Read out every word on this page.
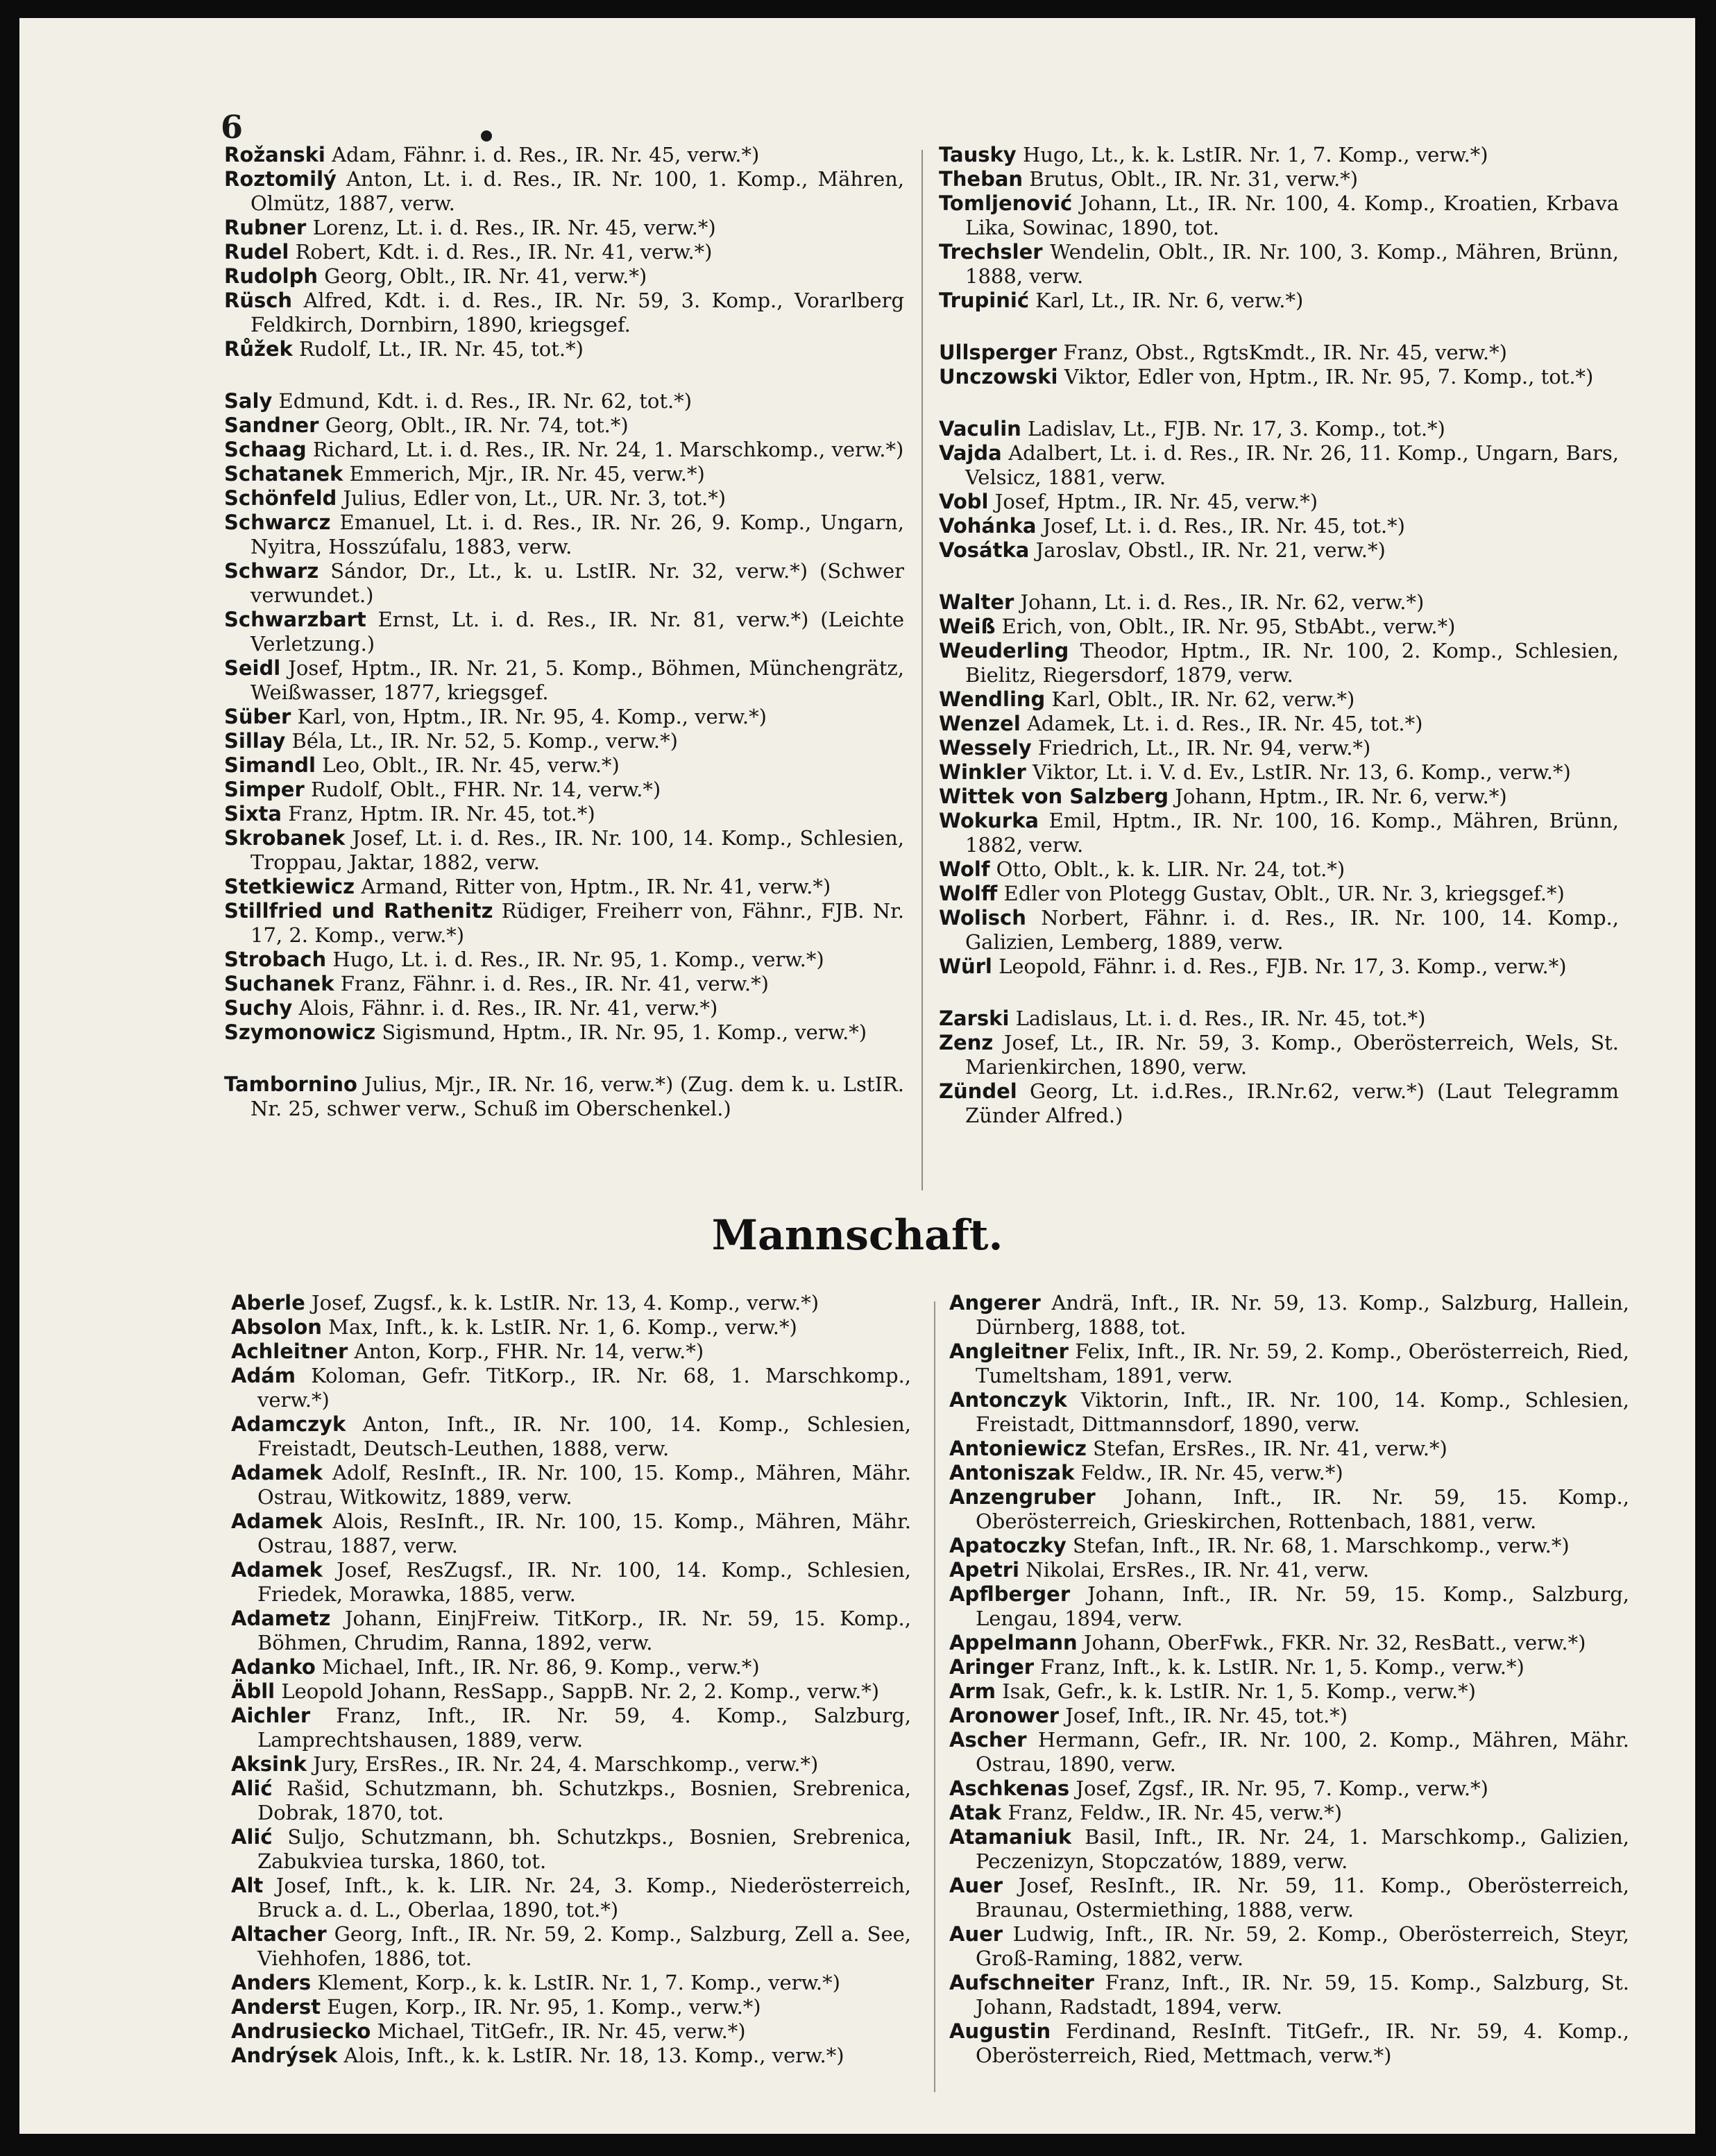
6
Rožanski Adam, Fähnr. i. d. Res., IR. Nr. 45, verw.*)
Roztomilý Anton, Lt. i. d. Res., IR. Nr. 100, 1. Komp., Mähren, Olmütz, 1887, verw.
Rubner Lorenz, Lt. i. d. Res., IR. Nr. 45, verw.*)
Rudel Robert, Kdt. i. d. Res., IR. Nr. 41, verw.*)
Rudolph Georg, Oblt., IR. Nr. 41, verw.*)
Rüsch Alfred, Kdt. i. d. Res., IR. Nr. 59, 3. Komp., Vorarlberg Feldkirch, Dornbirn, 1890, kriegsgef.
Růžek Rudolf, Lt., IR. Nr. 45, tot.*)
Saly Edmund, Kdt. i. d. Res., IR. Nr. 62, tot.*)
Sandner Georg, Oblt., IR. Nr. 74, tot.*)
Schaag Richard, Lt. i. d. Res., IR. Nr. 24, 1. Marschkomp., verw.*)
Schatanek Emmerich, Mjr., IR. Nr. 45, verw.*)
Schönfeld Julius, Edler von, Lt., UR. Nr. 3, tot.*)
Schwarcz Emanuel, Lt. i. d. Res., IR. Nr. 26, 9. Komp., Ungarn, Nyitra, Hosszúfalu, 1883, verw.
Schwarz Sándor, Dr., Lt., k. u. LstIR. Nr. 32, verw.*) (Schwer verwundet.)
Schwarzbart Ernst, Lt. i. d. Res., IR. Nr. 81, verw.*) (Leichte Verletzung.)
Seidl Josef, Hptm., IR. Nr. 21, 5. Komp., Böhmen, Münchengrätz, Weißwasser, 1877, kriegsgef.
Süber Karl, von, Hptm., IR. Nr. 95, 4. Komp., verw.*)
Sillay Béla, Lt., IR. Nr. 52, 5. Komp., verw.*)
Simandl Leo, Oblt., IR. Nr. 45, verw.*)
Simper Rudolf, Oblt., FHR. Nr. 14, verw.*)
Sixta Franz, Hptm. IR. Nr. 45, tot.*)
Skrobanek Josef, Lt. i. d. Res., IR. Nr. 100, 14. Komp., Schlesien, Troppau, Jaktar, 1882, verw.
Stetkiewicz Armand, Ritter von, Hptm., IR. Nr. 41, verw.*)
Stillfried und Rathenitz Rüdiger, Freiherr von, Fähnr., FJB. Nr. 17, 2. Komp., verw.*)
Strobach Hugo, Lt. i. d. Res., IR. Nr. 95, 1. Komp., verw.*)
Suchanek Franz, Fähnr. i. d. Res., IR. Nr. 41, verw.*)
Suchy Alois, Fähnr. i. d. Res., IR. Nr. 41, verw.*)
Szymonowicz Sigismund, Hptm., IR. Nr. 95, 1. Komp., verw.*)
Tambornino Julius, Mjr., IR. Nr. 16, verw.*) (Zug. dem k. u. LstIR. Nr. 25, schwer verw., Schuß im Oberschenkel.)
Tausky Hugo, Lt., k. k. LstIR. Nr. 1, 7. Komp., verw.*)
Theban Brutus, Oblt., IR. Nr. 31, verw.*)
Tomljenović Johann, Lt., IR. Nr. 100, 4. Komp., Kroatien, Krbava Lika, Sowinac, 1890, tot.
Trechsler Wendelin, Oblt., IR. Nr. 100, 3. Komp., Mähren, Brünn, 1888, verw.
Trupinić Karl, Lt., IR. Nr. 6, verw.*)
Ullsperger Franz, Obst., RgtsKmdt., IR. Nr. 45, verw.*)
Unczowski Viktor, Edler von, Hptm., IR. Nr. 95, 7. Komp., tot.*)
Vaculin Ladislav, Lt., FJB. Nr. 17, 3. Komp., tot.*)
Vajda Adalbert, Lt. i. d. Res., IR. Nr. 26, 11. Komp., Ungarn, Bars, Velsicz, 1881, verw.
Vobl Josef, Hptm., IR. Nr. 45, verw.*)
Vohánka Josef, Lt. i. d. Res., IR. Nr. 45, tot.*)
Vosátka Jaroslav, Obstl., IR. Nr. 21, verw.*)
Walter Johann, Lt. i. d. Res., IR. Nr. 62, verw.*)
Weiß Erich, von, Oblt., IR. Nr. 95, StbAbt., verw.*)
Weuderling Theodor, Hptm., IR. Nr. 100, 2. Komp., Schlesien, Bielitz, Riegersdorf, 1879, verw.
Wendling Karl, Oblt., IR. Nr. 62, verw.*)
Wenzel Adamek, Lt. i. d. Res., IR. Nr. 45, tot.*)
Wessely Friedrich, Lt., IR. Nr. 94, verw.*)
Winkler Viktor, Lt. i. V. d. Ev., LstIR. Nr. 13, 6. Komp., verw.*)
Wittek von Salzberg Johann, Hptm., IR. Nr. 6, verw.*)
Wokurka Emil, Hptm., IR. Nr. 100, 16. Komp., Mähren, Brünn, 1882, verw.
Wolf Otto, Oblt., k. k. LIR. Nr. 24, tot.*)
Wolff Edler von Plotegg Gustav, Oblt., UR. Nr. 3, kriegsgef.*)
Wolisch Norbert, Fähnr. i. d. Res., IR. Nr. 100, 14. Komp., Galizien, Lemberg, 1889, verw.
Würl Leopold, Fähnr. i. d. Res., FJB. Nr. 17, 3. Komp., verw.*)
Zarski Ladislaus, Lt. i. d. Res., IR. Nr. 45, tot.*)
Zenz Josef, Lt., IR. Nr. 59, 3. Komp., Oberösterreich, Wels, St. Marienkirchen, 1890, verw.
Zündel Georg, Lt. i.d.Res., IR.Nr.62, verw.*) (Laut Telegramm Zünder Alfred.)
Mannschaft.
Aberle Josef, Zugsf., k. k. LstIR. Nr. 13, 4. Komp., verw.*)
Absolon Max, Inft., k. k. LstIR. Nr. 1, 6. Komp., verw.*)
Achleitner Anton, Korp., FHR. Nr. 14, verw.*)
Adám Koloman, Gefr. TitKorp., IR. Nr. 68, 1. Marschkomp., verw.*)
Adamczyk Anton, Inft., IR. Nr. 100, 14. Komp., Schlesien, Freistadt, Deutsch-Leuthen, 1888, verw.
Adamek Adolf, ResInft., IR. Nr. 100, 15. Komp., Mähren, Mähr. Ostrau, Witkowitz, 1889, verw.
Adamek Alois, ResInft., IR. Nr. 100, 15. Komp., Mähren, Mähr. Ostrau, 1887, verw.
Adamek Josef, ResZugsf., IR. Nr. 100, 14. Komp., Schlesien, Friedek, Morawka, 1885, verw.
Adametz Johann, EinjFreiw. TitKorp., IR. Nr. 59, 15. Komp., Böhmen, Chrudim, Ranna, 1892, verw.
Adanko Michael, Inft., IR. Nr. 86, 9. Komp., verw.*)
Äbll Leopold Johann, ResSapp., SappB. Nr. 2, 2. Komp., verw.*)
Aichler Franz, Inft., IR. Nr. 59, 4. Komp., Salzburg, Lamprechtshausen, 1889, verw.
Aksink Jury, ErsRes., IR. Nr. 24, 4. Marschkomp., verw.*)
Alić Rašid, Schutzmann, bh. Schutzkps., Bosnien, Srebrenica, Dobrak, 1870, tot.
Alić Suljo, Schutzmann, bh. Schutzkps., Bosnien, Srebrenica, Zabukviea turska, 1860, tot.
Alt Josef, Inft., k. k. LIR. Nr. 24, 3. Komp., Niederösterreich, Bruck a. d. L., Oberlaa, 1890, tot.*)
Altacher Georg, Inft., IR. Nr. 59, 2. Komp., Salzburg, Zell a. See, Viehhofen, 1886, tot.
Anders Klement, Korp., k. k. LstIR. Nr. 1, 7. Komp., verw.*)
Anderst Eugen, Korp., IR. Nr. 95, 1. Komp., verw.*)
Andrusiecko Michael, TitGefr., IR. Nr. 45, verw.*)
Andrýsek Alois, Inft., k. k. LstIR. Nr. 18, 13. Komp., verw.*)
Angerer Andrä, Inft., IR. Nr. 59, 13. Komp., Salzburg, Hallein, Dürnberg, 1888, tot.
Angleitner Felix, Inft., IR. Nr. 59, 2. Komp., Oberösterreich, Ried, Tumeltsham, 1891, verw.
Antonczyk Viktorin, Inft., IR. Nr. 100, 14. Komp., Schlesien, Freistadt, Dittmannsdorf, 1890, verw.
Antoniewicz Stefan, ErsRes., IR. Nr. 41, verw.*)
Antoniszak Feldw., IR. Nr. 45, verw.*)
Anzengruber Johann, Inft., IR. Nr. 59, 15. Komp., Oberösterreich, Grieskirchen, Rottenbach, 1881, verw.
Apatoczky Stefan, Inft., IR. Nr. 68, 1. Marschkomp., verw.*)
Apetri Nikolai, ErsRes., IR. Nr. 41, verw.
Apflberger Johann, Inft., IR. Nr. 59, 15. Komp., Salzburg, Lengau, 1894, verw.
Appelmann Johann, OberFwk., FKR. Nr. 32, ResBatt., verw.*)
Aringer Franz, Inft., k. k. LstIR. Nr. 1, 5. Komp., verw.*)
Arm Isak, Gefr., k. k. LstIR. Nr. 1, 5. Komp., verw.*)
Aronower Josef, Inft., IR. Nr. 45, tot.*)
Ascher Hermann, Gefr., IR. Nr. 100, 2. Komp., Mähren, Mähr. Ostrau, 1890, verw.
Aschkenas Josef, Zgsf., IR. Nr. 95, 7. Komp., verw.*)
Atak Franz, Feldw., IR. Nr. 45, verw.*)
Atamaniuk Basil, Inft., IR. Nr. 24, 1. Marschkomp., Galizien, Peczenizyn, Stopczatów, 1889, verw.
Auer Josef, ResInft., IR. Nr. 59, 11. Komp., Oberösterreich, Braunau, Ostermiething, 1888, verw.
Auer Ludwig, Inft., IR. Nr. 59, 2. Komp., Oberösterreich, Steyr, Groß-Raming, 1882, verw.
Aufschneiter Franz, Inft., IR. Nr. 59, 15. Komp., Salzburg, St. Johann, Radstadt, 1894, verw.
Augustin Ferdinand, ResInft. TitGefr., IR. Nr. 59, 4. Komp., Oberösterreich, Ried, Mettmach, verw.*)
